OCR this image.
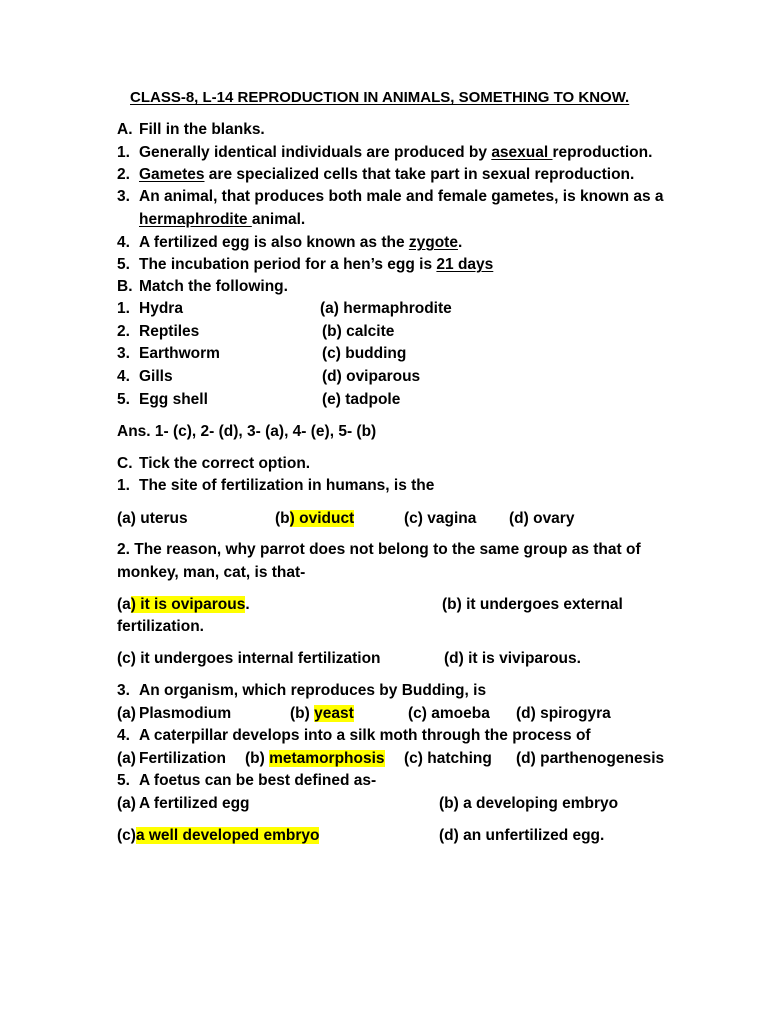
CLASS-8, L-14 REPRODUCTION IN ANIMALS, SOMETHING TO KNOW.
A. Fill in the blanks.
1. Generally identical individuals are produced by asexual reproduction.
2. Gametes are specialized cells that take part in sexual reproduction.
3. An animal, that produces both male and female gametes, is known as a
hermaphrodite animal.
4. A fertilized egg is also known as the zygote.
5. The incubation period for a hen’s egg is 21 days
B. Match the following.
1. Hydra	(a) hermaphrodite
2. Reptiles	(b) calcite
3. Earthworm	(c) budding
4. Gills	(d) oviparous
5. Egg shell	(e) tadpole
Ans. 1- (c), 2- (d), 3- (a), 4- (e), 5- (b)
C. Tick the correct option.
1. The site of fertilization in humans, is the
(a) uterus	(b) oviduct	(c) vagina (d) ovary
2. The reason, why parrot does not belong to the same group as that of
monkey, man, cat, is that-
(a) it is oviparous.	(b) it undergoes external
fertilization.
(c) it undergoes internal fertilization	(d) it is viviparous.
3. An organism, which reproduces by Budding, is
(a) Plasmodium	(b) yeast	(c) amoeba (d) spirogyra
4. A caterpillar develops into a silk moth through the process of
(a) Fertilization (b) metamorphosis (c) hatching (d) parthenogenesis
5. A foetus can be best defined as-
(a) A fertilized egg	(b) a developing embryo
(c)a well developed embryo	(d) an unfertilized egg.
